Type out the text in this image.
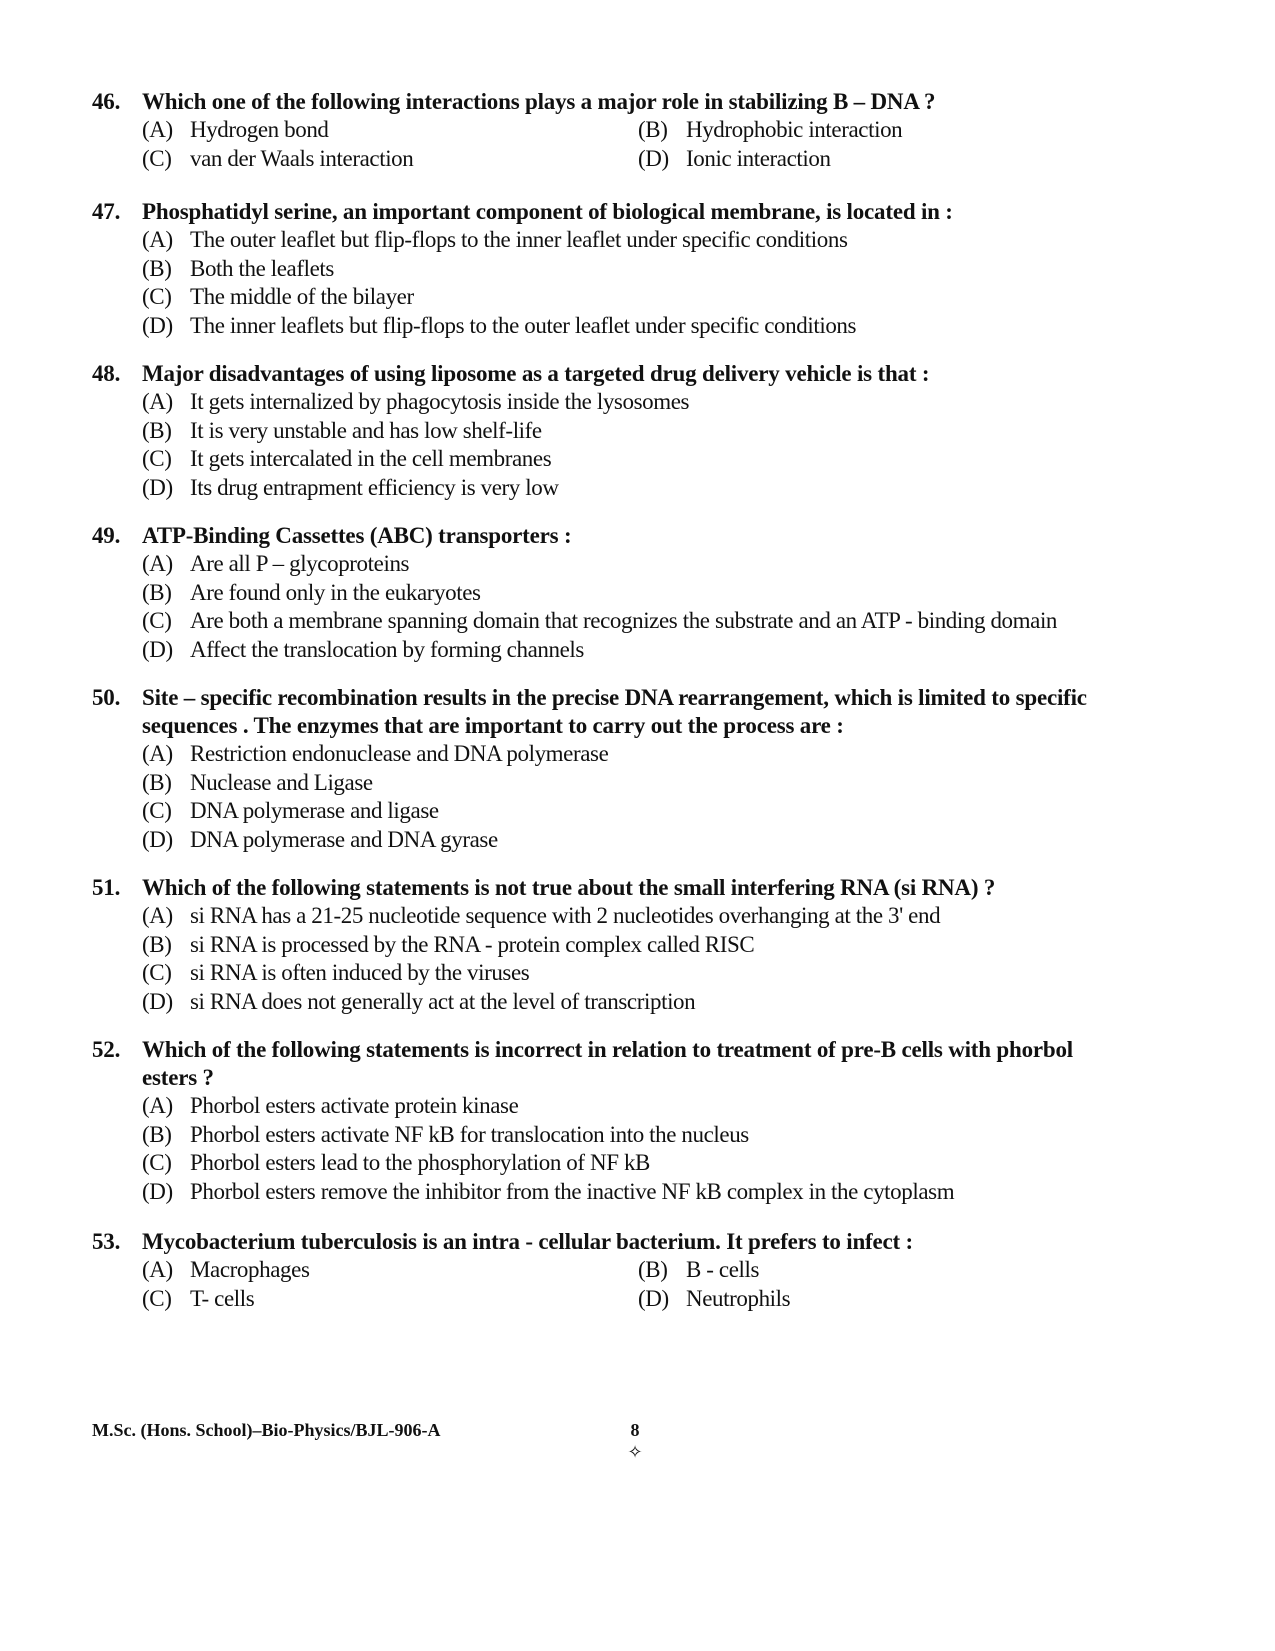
46. Which one of the following interactions plays a major role in stabilizing B – DNA ?
(A) Hydrogen bond	(B) Hydrophobic interaction
(C) van der Waals interaction	(D) Ionic interaction
47. Phosphatidyl serine, an important component of biological membrane, is located in :
(A) The outer leaflet but flip-flops to the inner leaflet under specific conditions
(B) Both the leaflets
(C) The middle of the bilayer
(D) The inner leaflets but flip-flops to the outer leaflet under specific conditions
48. Major disadvantages of using liposome as a targeted drug delivery vehicle is that :
(A) It gets internalized by phagocytosis inside the lysosomes
(B) It is very unstable and has low shelf-life
(C) It gets intercalated in the cell membranes
(D) Its drug entrapment efficiency is very low
49. ATP-Binding Cassettes (ABC) transporters :
(A) Are all P – glycoproteins
(B) Are found only in the eukaryotes
(C) Are both a membrane spanning domain that recognizes the substrate and an ATP - binding domain
(D) Affect the translocation by forming channels
50. Site – specific recombination results in the precise DNA rearrangement, which is limited to specific sequences . The enzymes that are important to carry out the process are :
(A) Restriction endonuclease and DNA polymerase
(B) Nuclease and Ligase
(C) DNA polymerase and ligase
(D) DNA polymerase and DNA gyrase
51. Which of the following statements is not true about the small interfering RNA (si RNA) ?
(A) si RNA has a 21-25 nucleotide sequence with 2 nucleotides overhanging at the 3' end
(B) si RNA is processed by the RNA - protein complex called RISC
(C) si RNA is often induced by the viruses
(D) si RNA does not generally act at the level of transcription
52. Which of the following statements is incorrect in relation to treatment of pre-B cells with phorbol esters ?
(A) Phorbol esters activate protein kinase
(B) Phorbol esters activate NF kB for translocation into the nucleus
(C) Phorbol esters lead to the phosphorylation of NF kB
(D) Phorbol esters remove the inhibitor from the inactive NF kB complex in the cytoplasm
53. Mycobacterium tuberculosis is an intra - cellular bacterium. It prefers to infect :
(A) Macrophages	(B) B - cells
(C) T- cells	(D) Neutrophils
M.Sc. (Hons. School)–Bio-Physics/BJL-906-A	8
✧
